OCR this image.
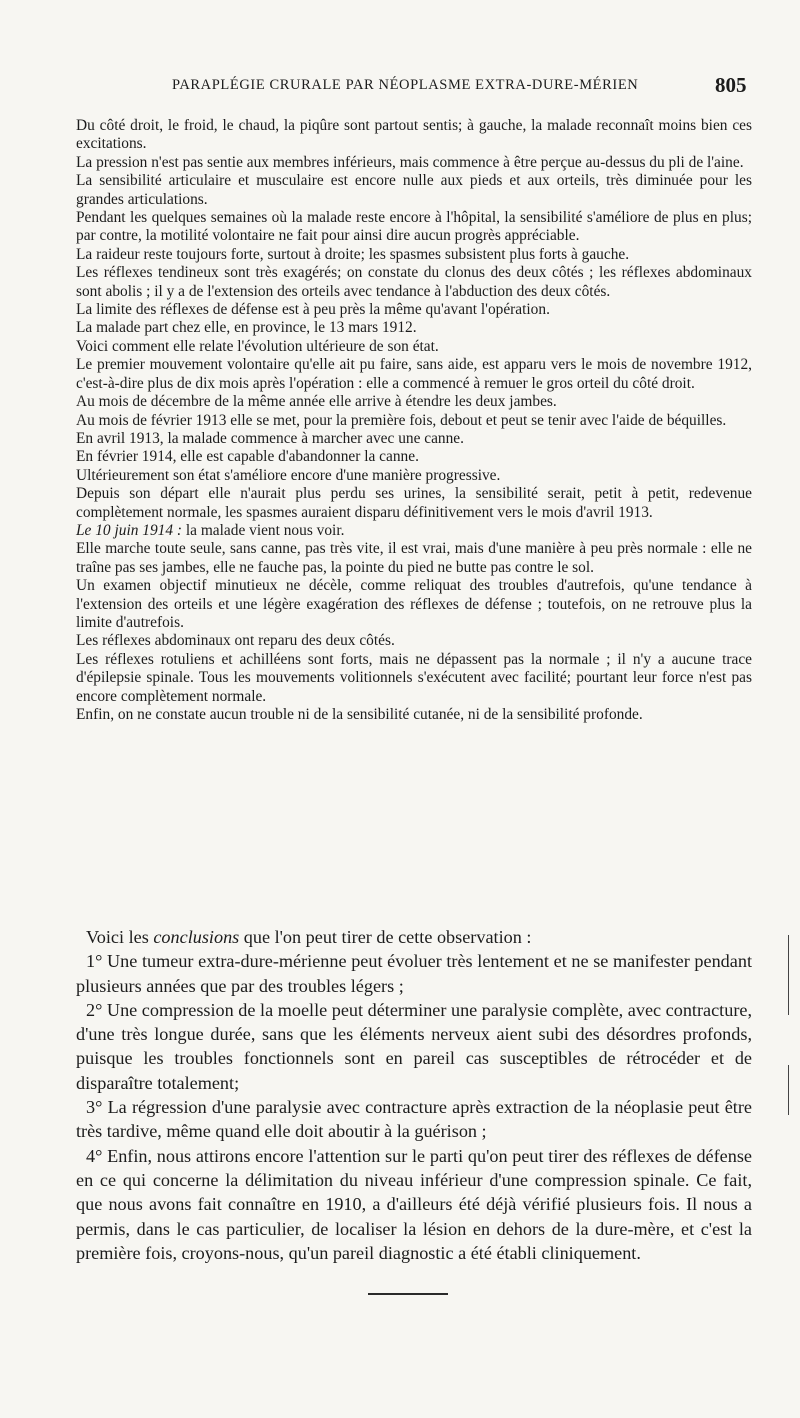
PARAPLÉGIE CRURALE PAR NÉOPLASME EXTRA-DURE-MÉRIEN	805

Du côté droit, le froid, le chaud, la piqûre sont partout sentis; à gauche, la malade reconnaît moins bien ces excitations.

La pression n'est pas sentie aux membres inférieurs, mais commence à être perçue au-dessus du pli de l'aine.

La sensibilité articulaire et musculaire est encore nulle aux pieds et aux orteils, très diminuée pour les grandes articulations.

Pendant les quelques semaines où la malade reste encore à l'hôpital, la sensibilité s'améliore de plus en plus; par contre, la motilité volontaire ne fait pour ainsi dire aucun progrès appréciable.

La raideur reste toujours forte, surtout à droite; les spasmes subsistent plus forts à gauche.

Les réflexes tendineux sont très exagérés; on constate du clonus des deux côtés ; les réflexes abdominaux sont abolis ; il y a de l'extension des orteils avec tendance à l'abduction des deux côtés.

La limite des réflexes de défense est à peu près la même qu'avant l'opération.

La malade part chez elle, en province, le 13 mars 1912.

Voici comment elle relate l'évolution ultérieure de son état.

Le premier mouvement volontaire qu'elle ait pu faire, sans aide, est apparu vers le mois de novembre 1912, c'est-à-dire plus de dix mois après l'opération : elle a commencé à remuer le gros orteil du côté droit.

Au mois de décembre de la même année elle arrive à étendre les deux jambes.

Au mois de février 1913 elle se met, pour la première fois, debout et peut se tenir avec l'aide de béquilles.

En avril 1913, la malade commence à marcher avec une canne.

En février 1914, elle est capable d'abandonner la canne.

Ultérieurement son état s'améliore encore d'une manière progressive.

Depuis son départ elle n'aurait plus perdu ses urines, la sensibilité serait, petit à petit, redevenue complètement normale, les spasmes auraient disparu définitivement vers le mois d'avril 1913.

Le 10 juin 1914 : la malade vient nous voir.

Elle marche toute seule, sans canne, pas très vite, il est vrai, mais d'une manière à peu près normale : elle ne traîne pas ses jambes, elle ne fauche pas, la pointe du pied ne butte pas contre le sol.

Un examen objectif minutieux ne décèle, comme reliquat des troubles d'autrefois, qu'une tendance à l'extension des orteils et une légère exagération des réflexes de défense ; toutefois, on ne retrouve plus la limite d'autrefois.

Les réflexes abdominaux ont reparu des deux côtés.

Les réflexes rotuliens et achilléens sont forts, mais ne dépassent pas la normale ; il n'y a aucune trace d'épilepsie spinale. Tous les mouvements volitionnels s'exécutent avec facilité; pourtant leur force n'est pas encore complètement normale.

Enfin, on ne constate aucun trouble ni de la sensibilité cutanée, ni de la sensibilité profonde.

Voici les conclusions que l'on peut tirer de cette observation :

1° Une tumeur extra-dure-mérienne peut évoluer très lentement et ne se manifester pendant plusieurs années que par des troubles légers ;

2° Une compression de la moelle peut déterminer une paralysie complète, avec contracture, d'une très longue durée, sans que les éléments nerveux aient subi des désordres profonds, puisque les troubles fonctionnels sont en pareil cas susceptibles de rétrocéder et de disparaître totalement;

3° La régression d'une paralysie avec contracture après extraction de la néoplasie peut être très tardive, même quand elle doit aboutir à la guérison ;

4° Enfin, nous attirons encore l'attention sur le parti qu'on peut tirer des réflexes de défense en ce qui concerne la délimitation du niveau inférieur d'une compression spinale. Ce fait, que nous avons fait connaître en 1910, a d'ailleurs été déjà vérifié plusieurs fois. Il nous a permis, dans le cas particulier, de localiser la lésion en dehors de la dure-mère, et c'est la première fois, croyons-nous, qu'un pareil diagnostic a été établi cliniquement.
